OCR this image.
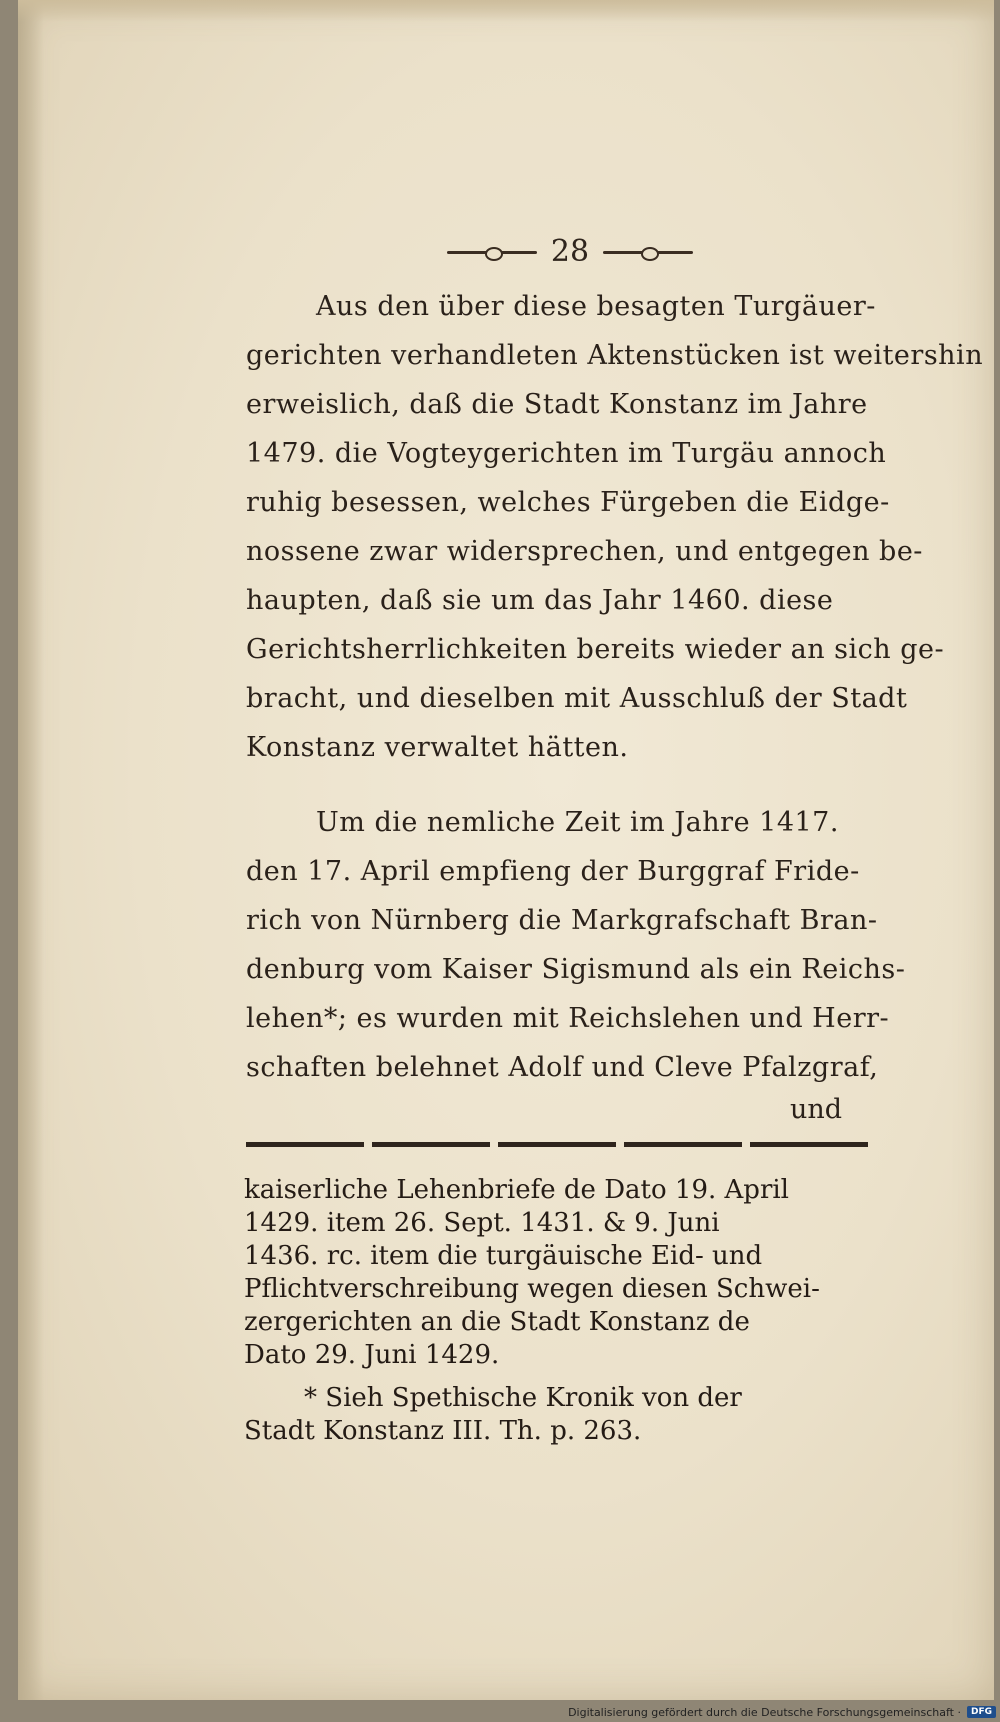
28

Aus den über diese besagten Turgäuer-
gerichten verhandleten Aktenstücken ist weitershin
erweislich, daß die Stadt Konstanz im Jahre
1479. die Vogteygerichten im Turgäu annoch
ruhig besessen, welches Fürgeben die Eidge-
nossene zwar widersprechen, und entgegen be-
haupten, daß sie um das Jahr 1460. diese
Gerichtsherrlichkeiten bereits wieder an sich ge-
bracht, und dieselben mit Ausschluß der Stadt
Konstanz verwaltet hätten.

Um die nemliche Zeit im Jahre 1417.
den 17. April empfieng der Burggraf Fride-
rich von Nürnberg die Markgrafschaft Bran-
denburg vom Kaiser Sigismund als ein Reichs-
lehen*; es wurden mit Reichslehen und Herr-
schaften belehnet Adolf und Cleve Pfalzgraf,

und
kaiserliche Lehenbriefe de Dato 19. April
1429. item 26. Sept. 1431. & 9. Juni
1436. rc. item die turgäuische Eid- und
Pflichtverschreibung wegen diesen Schwei-
zergerichten an die Stadt Konstanz de
Dato 29. Juni 1429.
* Sieh Spethische Kronik von der
Stadt Konstanz III. Th. p. 263.
Digitalisierung gefördert durch die Deutsche Forschungsgemeinschaft ·	DFG
